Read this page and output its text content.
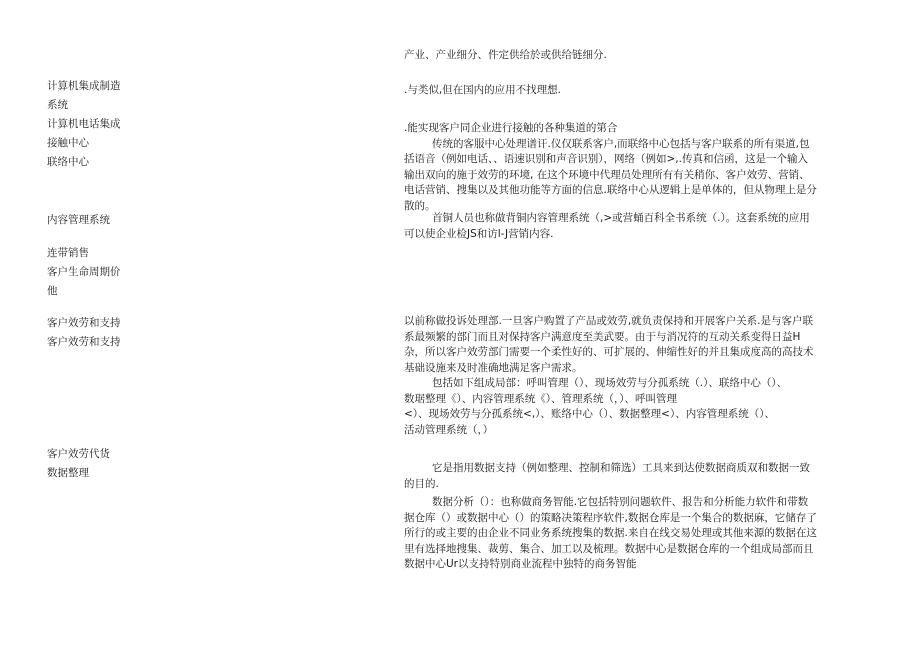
产业、产业细分、件定供给於或供给链细分.
计算机集成制造
系统
计算机电话集成
接触中心
联络中心
.与类似,但在国内的应用不找理想.

.能实现客户同企业进行接触的各种集道的第合

传统的客服中心处理谱讦.仪仅联系客户,而联络中心包括与客户联系的所有渠道,包括语音（例如电话、、语速识别和声音识别），网络（例如>,.传真和信函，这是一个输入输出双向的施于效劳的环境, 在这个环境中代理员处理所有有关稍你、客户效劳、营销、电话营销、搜集以及其他功能等方面的信息.联络中心从逻辑上是单体的，但从物理上是分散的。

内容管理系统	首铜人员也称做背铜内容管理系统（,>或营蛹百科全书系统（.）。这套系统的应用可以使企业检JS和访l-J营销内容.

连带销售
客户生命周期价
他
客户效劳和支持
客户效劳和支持

以前称做投诉处理部.一旦客户购置了产品或效劳,就负责保持和开展客户关系.是与客户联系最频繁的部门而且对保持客户满意度至美武要。由于与消况符的互动关系变得日益H杂，所以客户效劳部门需要一个柔性好的、可扩展的、伸缩性好的并且集成度高的高技术基础设施来及时准确地满足客户需求。

包括如下组成局部：呼叫管理（）、现场效劳与分孤系统（.）、联络中心（）、

数琚整理《）、内容管理系统《）、管理系统（，）、呼叫管理

<）、现场效劳与分孤系统<,）、账络中心（）、数据整理<）、内容管理系统（）、

活动管理系统（，）

客户效劳代货
数据整理	它是指用数据支持（例如整理、控制和筛选）工具来到达使数据商质双和数据一致的目的.

数据分析（）：也称做商务智能.它包括特别问题软件、报告和分析能力软件和带数据仓库（）或数据中心（）的策略决策程序软件,数据仓库是一个集合的数据麻，它储存了所行的或主要的由企业不同业务系统搜集的数据.来自在线交易处理或其他来源的数据在这里有选择地搜集、裁剪、集合、加工以及梳理。数据中心是数据仓库的一个组成局部而且数据中心Ur以支持特别商业流程中独特的商务智能
